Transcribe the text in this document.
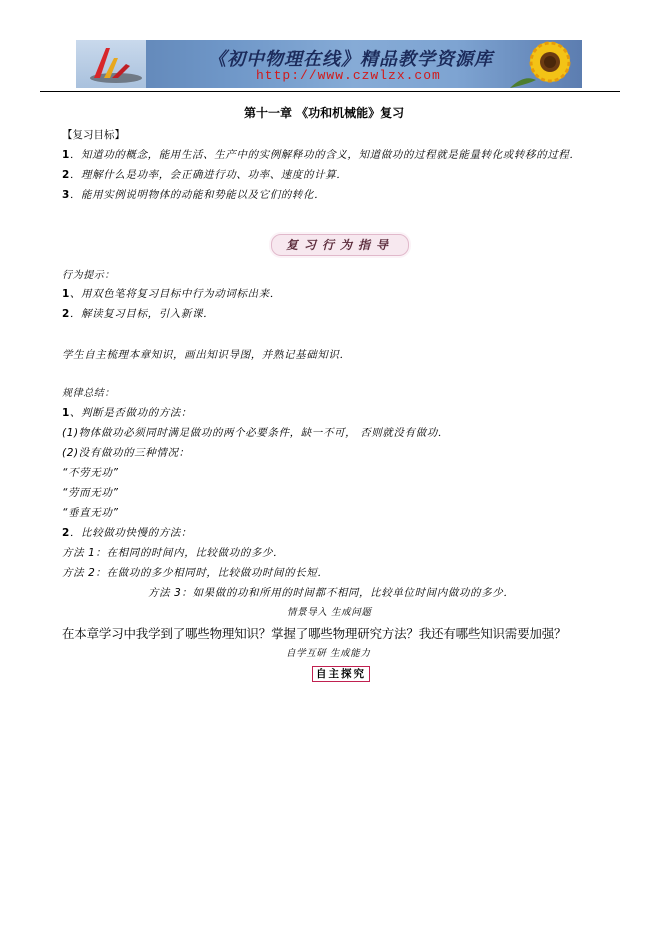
《初中物理在线》精品教学资源库
http://www.czwlzx.com
第十一章 《功和机械能》复习
【复习目标】
1．知道功的概念，能用生活、生产中的实例解释功的含义，知道做功的过程就是能量转化或转移的过程．
2．理解什么是功率，会正确进行功、功率、速度的计算．
3．能用实例说明物体的动能和势能以及它们的转化．
复习行为指导
行为提示：
1、用双色笔将复习目标中行为动词标出来．
2．解读复习目标，引入新课．
学生自主梳理本章知识，画出知识导图，并熟记基础知识．
规律总结：
1、判断是否做功的方法：
(1)物体做功必须同时满足做功的两个必要条件，缺一不可， 否则就没有做功．
(2)没有做功的三种情况：
“不劳无功”
“劳而无功”
“垂直无功”
2．比较做功快慢的方法：
方法 1：在相同的时间内，比较做功的多少．
方法 2：在做功的多少相同时，比较做功时间的长短．
方法 3：如果做的功和所用的时间都不相同，比较单位时间内做功的多少．
情景导入 生成问题
在本章学习中我学到了哪些物理知识？掌握了哪些物理研究方法？我还有哪些知识需要加强？
自学互研 生成能力
自主探究
